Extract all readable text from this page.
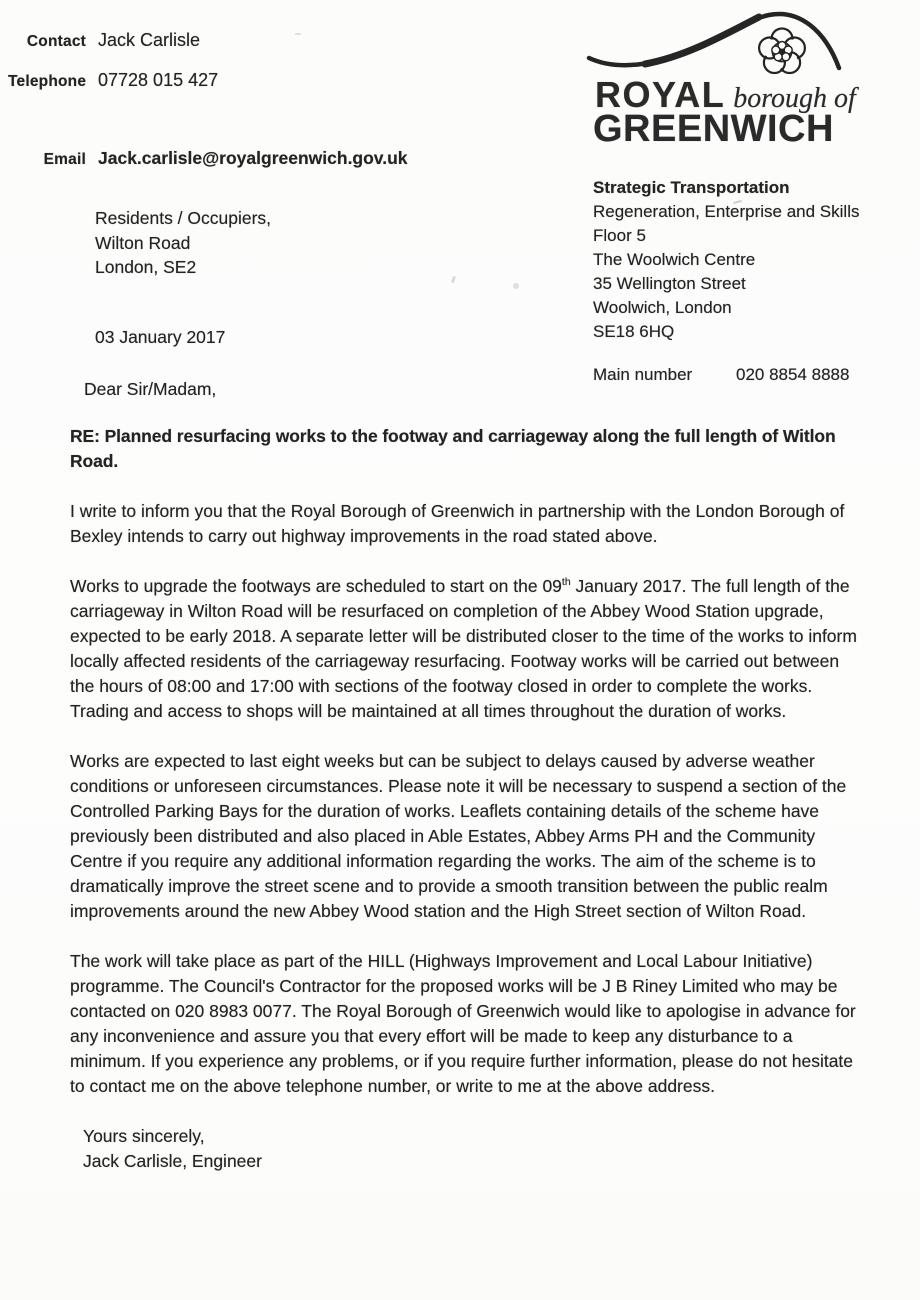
Contact Jack Carlisle
Telephone 07728 015 427
Email Jack.carlisle@royalgreenwich.gov.uk
ROYAL borough of
GREENWICH
Strategic Transportation
Regeneration, Enterprise and Skills
Floor 5
The Woolwich Centre
35 Wellington Street
Woolwich, London
SE18 6HQ
Main number	020 8854 8888
Residents / Occupiers,
Wilton Road
London, SE2
03 January 2017
Dear Sir/Madam,

RE: Planned resurfacing works to the footway and carriageway along the full length of Witlon Road.

I write to inform you that the Royal Borough of Greenwich in partnership with the London Borough of Bexley intends to carry out highway improvements in the road stated above.

Works to upgrade the footways are scheduled to start on the 09th January 2017. The full length of the carriageway in Wilton Road will be resurfaced on completion of the Abbey Wood Station upgrade, expected to be early 2018. A separate letter will be distributed closer to the time of the works to inform locally affected residents of the carriageway resurfacing. Footway works will be carried out between the hours of 08:00 and 17:00 with sections of the footway closed in order to complete the works. Trading and access to shops will be maintained at all times throughout the duration of works.

Works are expected to last eight weeks but can be subject to delays caused by adverse weather conditions or unforeseen circumstances. Please note it will be necessary to suspend a section of the Controlled Parking Bays for the duration of works. Leaflets containing details of the scheme have previously been distributed and also placed in Able Estates, Abbey Arms PH and the Community Centre if you require any additional information regarding the works. The aim of the scheme is to dramatically improve the street scene and to provide a smooth transition between the public realm improvements around the new Abbey Wood station and the High Street section of Wilton Road.

The work will take place as part of the HILL (Highways Improvement and Local Labour Initiative) programme. The Council's Contractor for the proposed works will be J B Riney Limited who may be contacted on 020 8983 0077. The Royal Borough of Greenwich would like to apologise in advance for any inconvenience and assure you that every effort will be made to keep any disturbance to a minimum. If you experience any problems, or if you require further information, please do not hesitate to contact me on the above telephone number, or write to me at the above address.

Yours sincerely,
Jack Carlisle, Engineer
